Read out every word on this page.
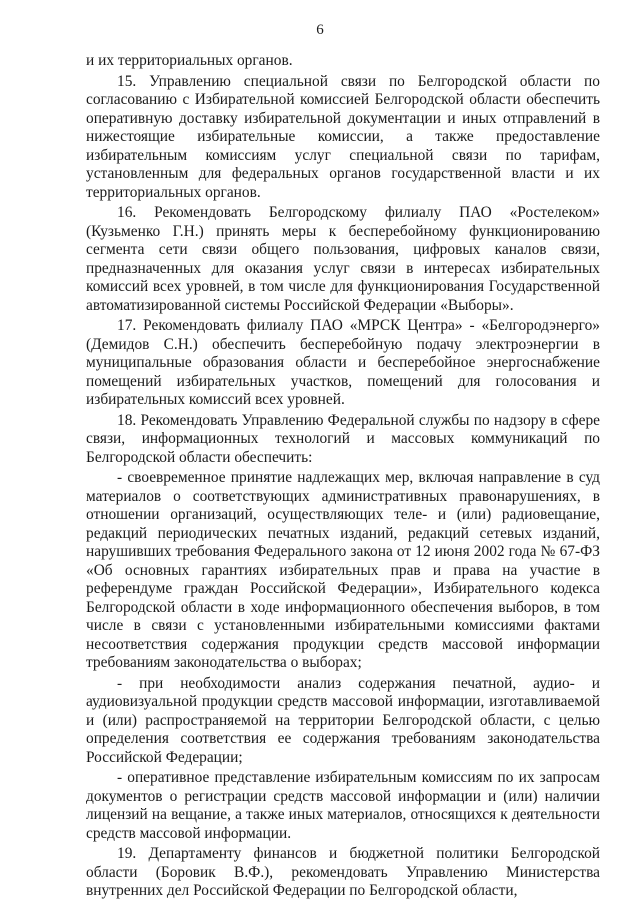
6

и их территориальных органов.

15. Управлению специальной связи по Белгородской области по согласованию с Избирательной комиссией Белгородской области обеспечить оперативную доставку избирательной документации и иных отправлений в нижестоящие избирательные комиссии, а также предоставление избирательным комиссиям услуг специальной связи по тарифам, установленным для федеральных органов государственной власти и их территориальных органов.

16. Рекомендовать Белгородскому филиалу ПАО «Ростелеком» (Кузьменко Г.Н.) принять меры к бесперебойному функционированию сегмента сети связи общего пользования, цифровых каналов связи, предназначенных для оказания услуг связи в интересах избирательных комиссий всех уровней, в том числе для функционирования Государственной автоматизированной системы Российской Федерации «Выборы».

17. Рекомендовать филиалу ПАО «МРСК Центра» - «Белгородэнерго» (Демидов С.Н.) обеспечить бесперебойную подачу электроэнергии в муниципальные образования области и бесперебойное энергоснабжение помещений избирательных участков, помещений для голосования и избирательных комиссий всех уровней.

18. Рекомендовать Управлению Федеральной службы по надзору в сфере связи, информационных технологий и массовых коммуникаций по Белгородской области обеспечить:

- своевременное принятие надлежащих мер, включая направление в суд материалов о соответствующих административных правонарушениях, в отношении организаций, осуществляющих теле- и (или) радиовещание, редакций периодических печатных изданий, редакций сетевых изданий, нарушивших требования Федерального закона от 12 июня 2002 года № 67-ФЗ «Об основных гарантиях избирательных прав и права на участие в референдуме граждан Российской Федерации», Избирательного кодекса Белгородской области в ходе информационного обеспечения выборов, в том числе в связи с установленными избирательными комиссиями фактами несоответствия содержания продукции средств массовой информации требованиям законодательства о выборах;

- при необходимости анализ содержания печатной, аудио- и аудиовизуальной продукции средств массовой информации, изготавливаемой и (или) распространяемой на территории Белгородской области, с целью определения соответствия ее содержания требованиям законодательства Российской Федерации;

- оперативное представление избирательным комиссиям по их запросам документов о регистрации средств массовой информации и (или) наличии лицензий на вещание, а также иных материалов, относящихся к деятельности средств массовой информации.

19. Департаменту финансов и бюджетной политики Белгородской области (Боровик В.Ф.), рекомендовать Управлению Министерства внутренних дел Российской Федерации по Белгородской области,
